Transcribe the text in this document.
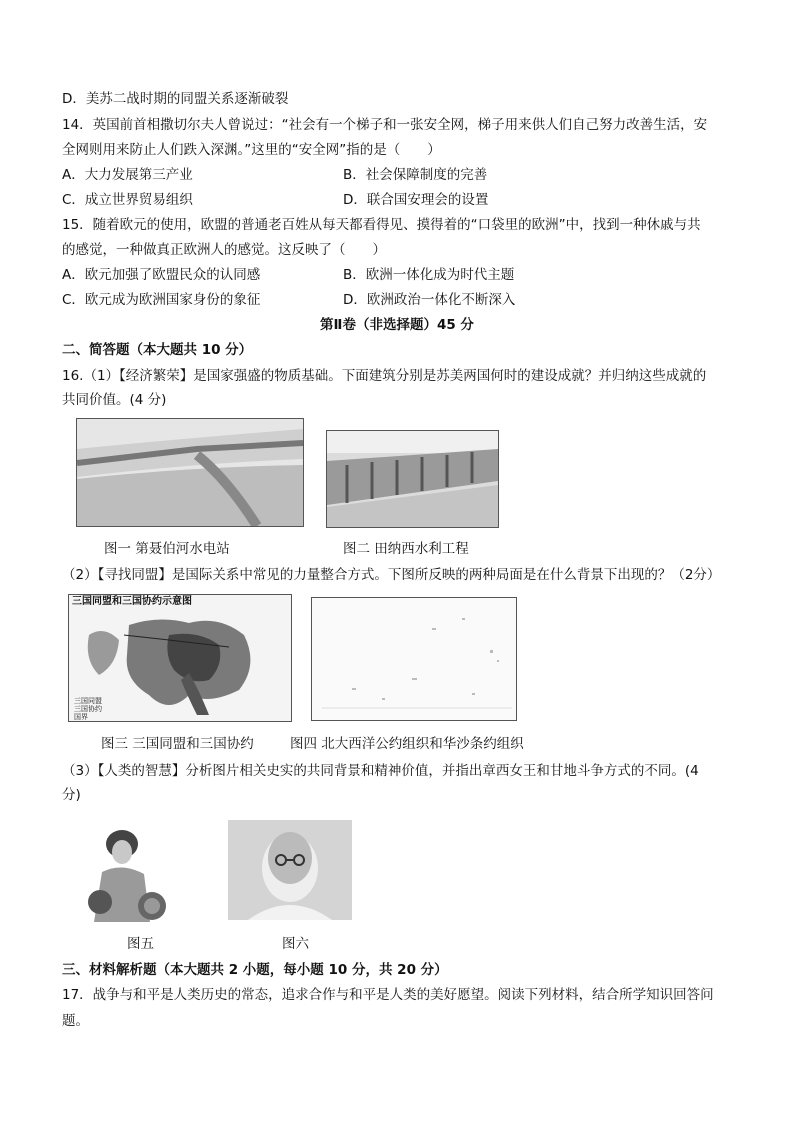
D．美苏二战时期的同盟关系逐渐破裂
14．英国前首相撒切尔夫人曾说过：“社会有一个梯子和一张安全网，梯子用来供人们自己努力改善生活，安
全网则用来防止人们跌入深渊。”这里的“安全网”指的是（　　）
A．大力发展第三产业	B．社会保障制度的完善
C．成立世界贸易组织	D．联合国安理会的设置
15．随着欧元的使用，欧盟的普通老百姓从每天都看得见、摸得着的“口袋里的欧洲”中，找到一种休戚与共
的感觉，一种做真正欧洲人的感觉。这反映了（　　）
A．欧元加强了欧盟民众的认同感	B．欧洲一体化成为时代主题
C．欧元成为欧洲国家身份的象征	D．欧洲政治一体化不断深入
第Ⅱ卷（非选择题）45 分
二、简答题（本大题共 10 分）
16.（1）【经济繁荣】是国家强盛的物质基础。下面建筑分别是苏美两国何时的建设成就？并归纳这些成就的
共同价值。(4 分)
图一 第聂伯河水电站	图二 田纳西水利工程
（2）【寻找同盟】是国际关系中常见的力量整合方式。下图所反映的两种局面是在什么背景下出现的？（2分）
三国同盟和三国协约示意图
三国同盟
三国协约
国界
图三 三国同盟和三国协约	图四 北大西洋公约组织和华沙条约组织
（3）【人类的智慧】分析图片相关史实的共同背景和精神价值，并指出章西女王和甘地斗争方式的不同。(4
分)
图五	图六
三、材料解析题（本大题共 2 小题，每小题 10 分，共 20 分）
17．战争与和平是人类历史的常态，追求合作与和平是人类的美好愿望。阅读下列材料，结合所学知识回答问
题。
